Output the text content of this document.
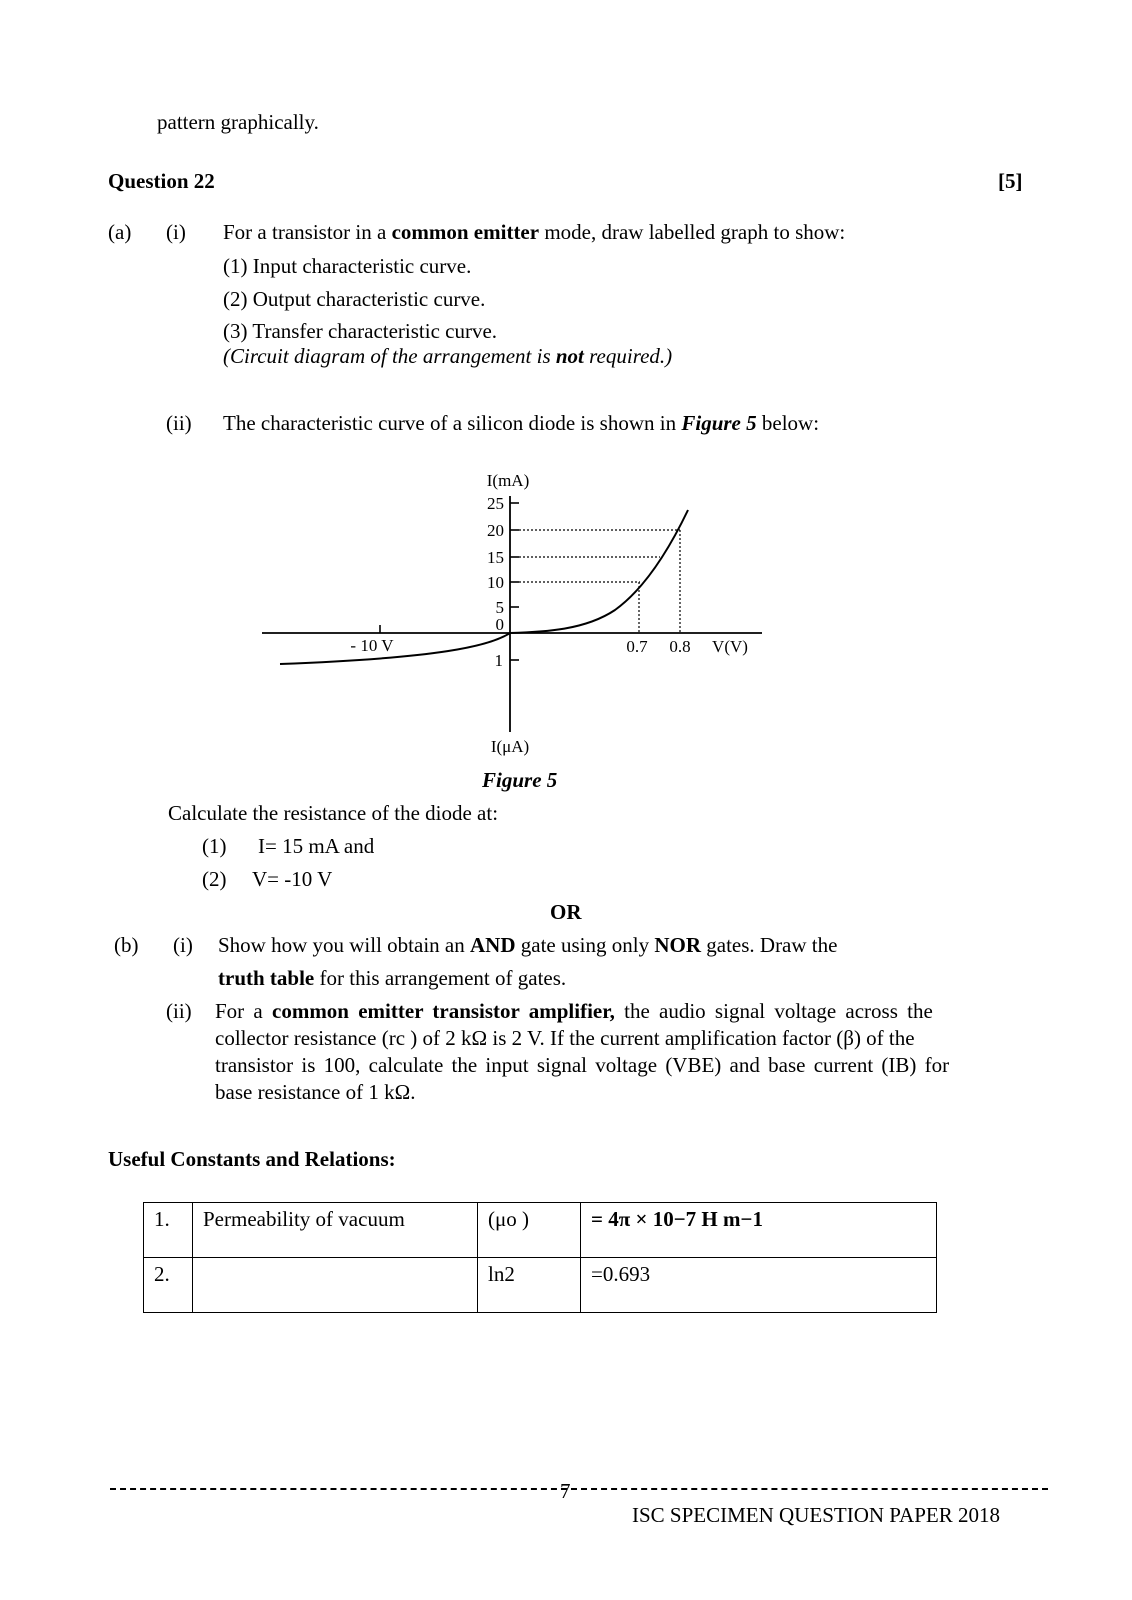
pattern graphically.
Question 22	[5]
(a) (i) For a transistor in a common emitter mode, draw labelled graph to show:
(1) Input characteristic curve.
(2) Output characteristic curve.
(3) Transfer characteristic curve.
(Circuit diagram of the arrangement is not required.)
(ii) The characteristic curve of a silicon diode is shown in Figure 5 below:
I(mA)
I(μA)
V(V)
25
20
15
10
5
0
1
0.7 0.8
- 10 V
Figure 5
Calculate the resistance of the diode at:
(1) I= 15 mA and
(2) V= -10 V
OR
(b) (i) Show how you will obtain an AND gate using only NOR gates. Draw the
truth table for this arrangement of gates.
(ii) For a common emitter transistor amplifier, the audio signal voltage across the
collector resistance (rc ) of 2 kΩ is 2 V. If the current amplification factor (β) of the
transistor is 100, calculate the input signal voltage (VBE) and base current (IB) for
base resistance of 1 kΩ.
Useful Constants and Relations:
1.	Permeability of vacuum	(μo )	= 4π × 10−7 H m−1
2.		ln2	=0.693
7
ISC SPECIMEN QUESTION PAPER 2018
